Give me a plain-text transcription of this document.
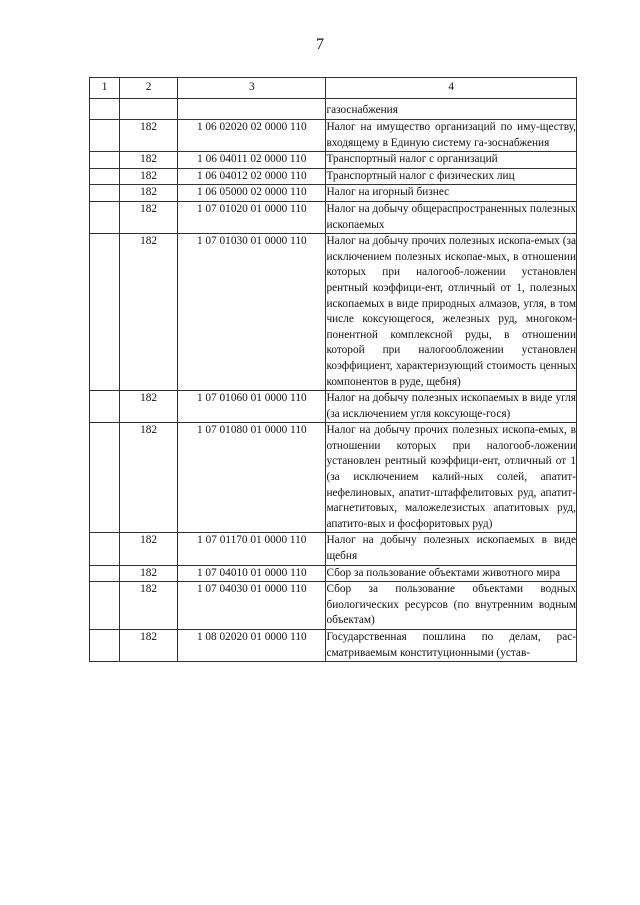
7
1	2	3	4
			газоснабжения
	182	1 06 02020 02 0000 110	Налог на имущество организаций по иму-ществу, входящему в Единую систему га-зоснабжения
	182	1 06 04011 02 0000 110	Транспортный налог с организаций
	182	1 06 04012 02 0000 110	Транспортный налог с физических лиц
	182	1 06 05000 02 0000 110	Налог на игорный бизнес
	182	1 07 01020 01 0000 110	Налог на добычу общераспространенных полезных ископаемых
	182	1 07 01030 01 0000 110	Налог на добычу прочих полезных ископа-емых (за исключением полезных ископае-мых, в отношении которых при налогооб-ложении установлен рентный коэффици-ент, отличный от 1, полезных ископаемых в виде природных алмазов, угля, в том числе коксующегося, железных руд, многоком-понентной комплексной руды, в отношении которой при налогообложении установлен коэффициент, характеризующий стоимость ценных компонентов в руде, щебня)
	182	1 07 01060 01 0000 110	Налог на добычу полезных ископаемых в виде угля (за исключением угля коксующе-гося)
	182	1 07 01080 01 0000 110	Налог на добычу прочих полезных ископа-емых, в отношении которых при налогооб-ложении установлен рентный коэффици-ент, отличный от 1 (за исключением калий-ных солей, апатит-нефелиновых, апатит-штаффелитовых руд, апатит-магнетитовых, маложелезистых апатитовых руд, апатито-вых и фосфоритовых руд)
	182	1 07 01170 01 0000 110	Налог на добычу полезных ископаемых в виде щебня
	182	1 07 04010 01 0000 110	Сбор за пользование объектами животного мира
	182	1 07 04030 01 0000 110	Сбор за пользование объектами водных биологических ресурсов (по внутренним водным объектам)
	182	1 08 02020 01 0000 110	Государственная пошлина по делам, рас-сматриваемым конституционными (устав-
